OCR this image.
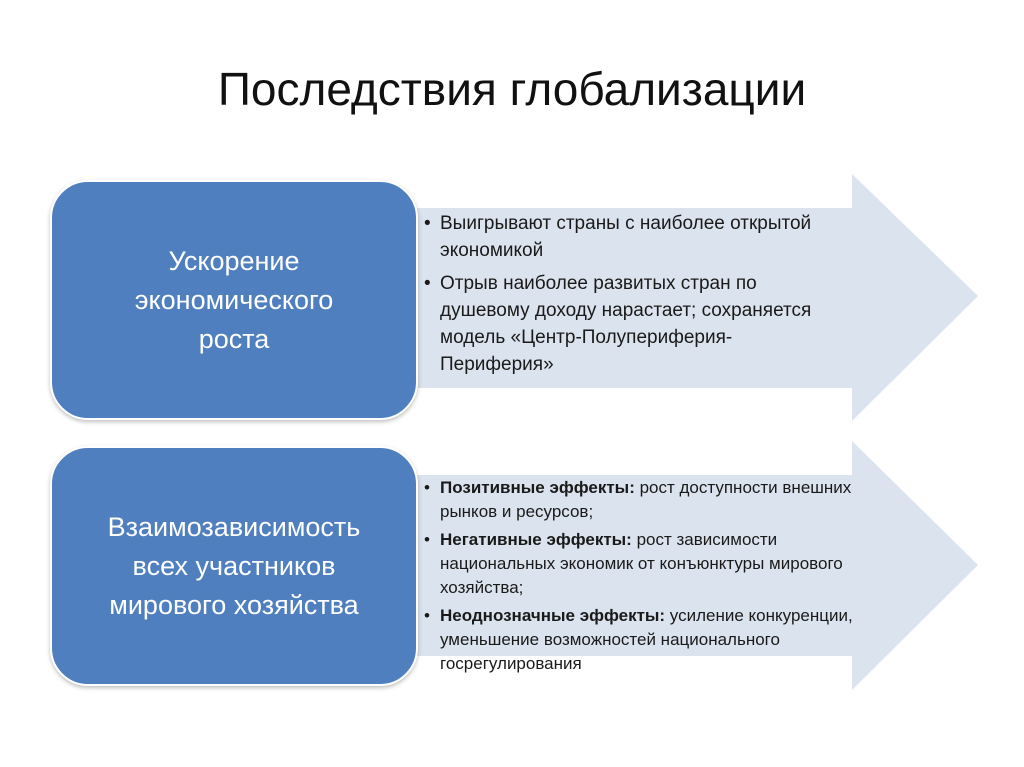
Последствия глобализации
Ускорение
экономического
роста
• Выигрывают страны с наиболее открытой экономикой
• Отрыв наиболее развитых стран по душевому доходу нарастает; сохраняется модель «Центр-Полупериферия-Периферия»
Взаимозависимость
всех участников
мирового хозяйства
• Позитивные эффекты: рост доступности внешних рынков и ресурсов;
• Негативные эффекты: рост зависимости национальных экономик от конъюнктуры мирового хозяйства;
• Неоднозначные эффекты: усиление конкуренции, уменьшение возможностей национального госрегулирования
